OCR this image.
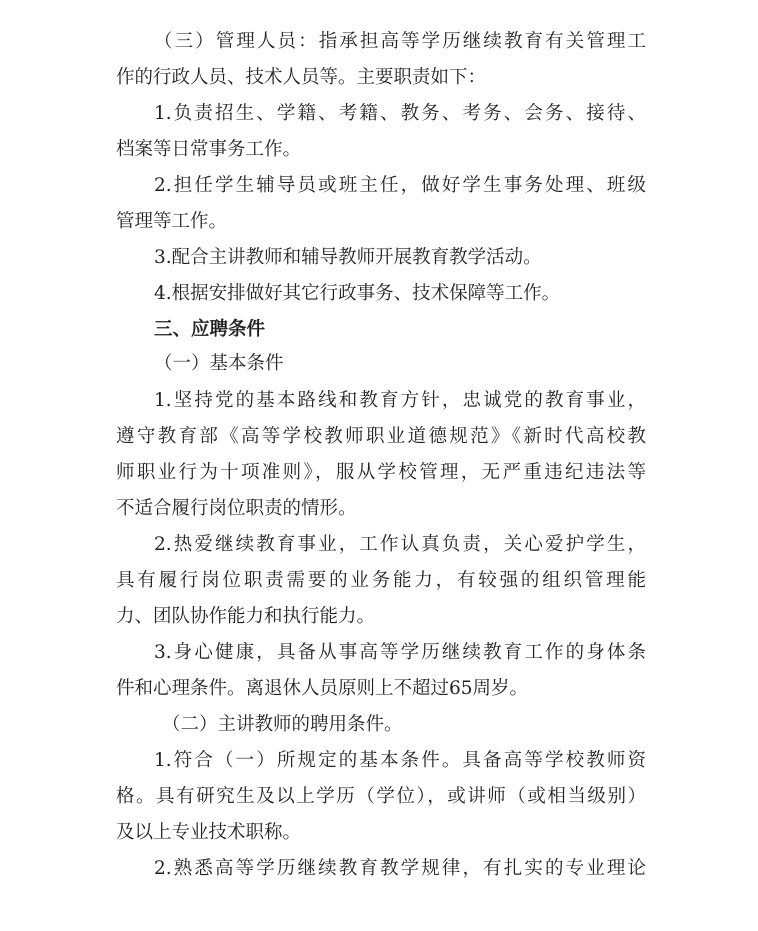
（三）管理人员：指承担高等学历继续教育有关管理工
作的行政人员、技术人员等。主要职责如下：
1.负责招生、学籍、考籍、教务、考务、会务、接待、
档案等日常事务工作。
2.担任学生辅导员或班主任，做好学生事务处理、班级
管理等工作。
3.配合主讲教师和辅导教师开展教育教学活动。
4.根据安排做好其它行政事务、技术保障等工作。
三、应聘条件
（一）基本条件
1.坚持党的基本路线和教育方针，忠诚党的教育事业，
遵守教育部《高等学校教师职业道德规范》《新时代高校教
师职业行为十项准则》，服从学校管理，无严重违纪违法等
不适合履行岗位职责的情形。
2.热爱继续教育事业，工作认真负责，关心爱护学生，
具有履行岗位职责需要的业务能力，有较强的组织管理能
力、团队协作能力和执行能力。
3.身心健康，具备从事高等学历继续教育工作的身体条
件和心理条件。离退休人员原则上不超过65周岁。
（二）主讲教师的聘用条件。
1.符合（一）所规定的基本条件。具备高等学校教师资
格。具有研究生及以上学历（学位），或讲师（或相当级别）
及以上专业技术职称。
2.熟悉高等学历继续教育教学规律，有扎实的专业理论
